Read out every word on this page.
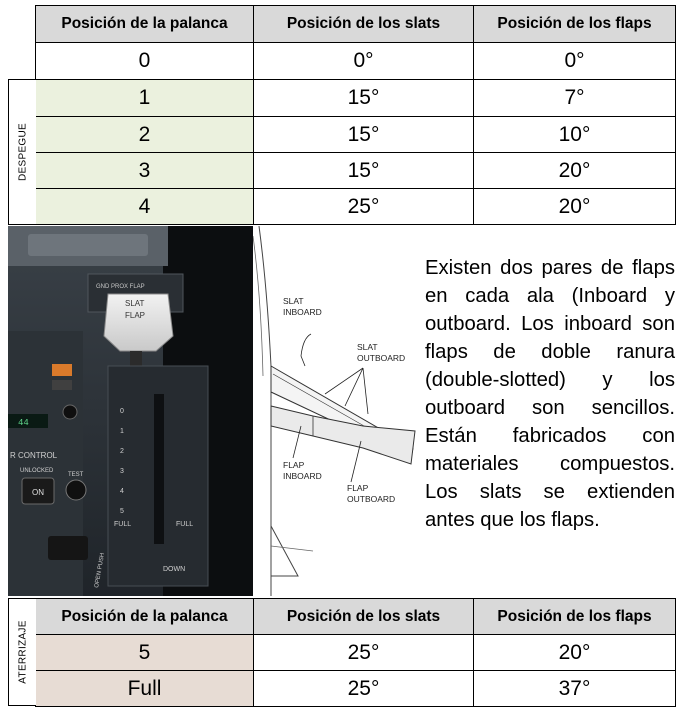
Posición de la palanca	Posición de los slats	Posición de los flaps
0	0°	0°
1	15°	7°
2	15°	10°
3	15°	20°
4	25°	20°
DESPEGUE
GND PROX FLAP
SLAT
FLAP
0
1
2
3
4
5
FULL	FULL
DOWN
R CONTROL
UNLOCKED
ON
TEST
44
OPEN PUSH
SLAT
INBOARD
SLAT
OUTBOARD
FLAP
INBOARD
FLAP
OUTBOARD

Existen dos pares de flaps en cada ala (Inboard y outboard. Los inboard son flaps de doble ranura (double-slotted) y los outboard son sencillos. Están fabricados con materiales compuestos. Los slats se extienden antes que los flaps.

Posición de la palanca	Posición de los slats	Posición de los flaps
5	25°	20°
Full	25°	37°
ATERRIZAJE
